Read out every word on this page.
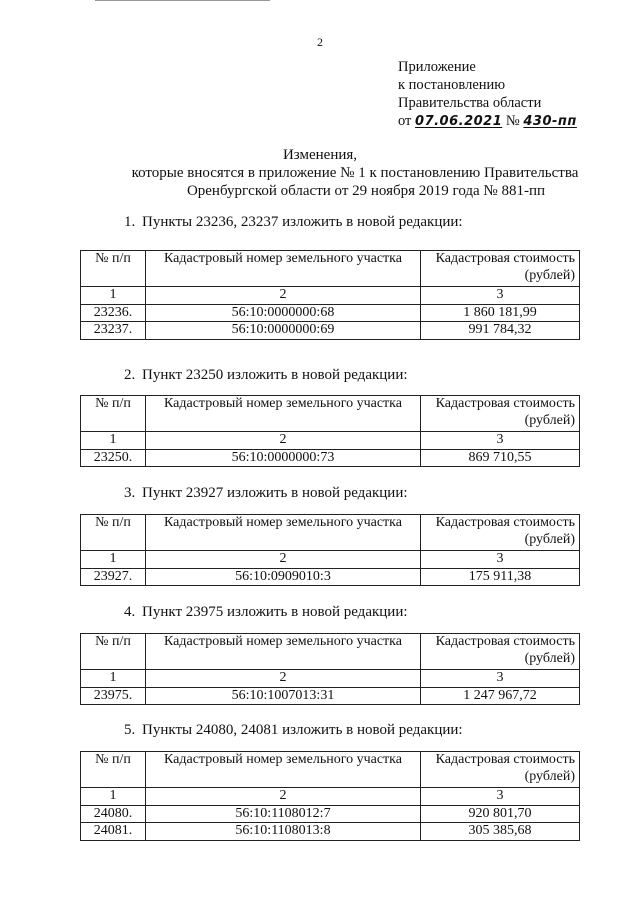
2
Приложение
к постановлению
Правительства области
от 07.06.2021 № 430-пп
Изменения,
которые вносятся в приложение № 1 к постановлению Правительства
Оренбургской области от 29 ноября 2019 года № 881-пп
1. Пункты 23236, 23237 изложить в новой редакции:
№ п/п	Кадастровый номер земельного участка	Кадастровая стоимость
(рублей)

1	2	3
23236.	56:10:0000000:68	1 860 181,99
23237.	56:10:0000000:69	991 784,32
2. Пункт 23250 изложить в новой редакции:
№ п/п	Кадастровый номер земельного участка	Кадастровая стоимость
(рублей)

1	2	3
23250.	56:10:0000000:73	869 710,55
3. Пункт 23927 изложить в новой редакции:
№ п/п	Кадастровый номер земельного участка	Кадастровая стоимость
(рублей)

1	2	3
23927.	56:10:0909010:3	175 911,38
4. Пункт 23975 изложить в новой редакции:
№ п/п	Кадастровый номер земельного участка	Кадастровая стоимость
(рублей)

1	2	3
23975.	56:10:1007013:31	1 247 967,72
5. Пункты 24080, 24081 изложить в новой редакции:
№ п/п	Кадастровый номер земельного участка	Кадастровая стоимость
(рублей)

1	2	3
24080.	56:10:1108012:7	920 801,70
24081.	56:10:1108013:8	305 385,68
